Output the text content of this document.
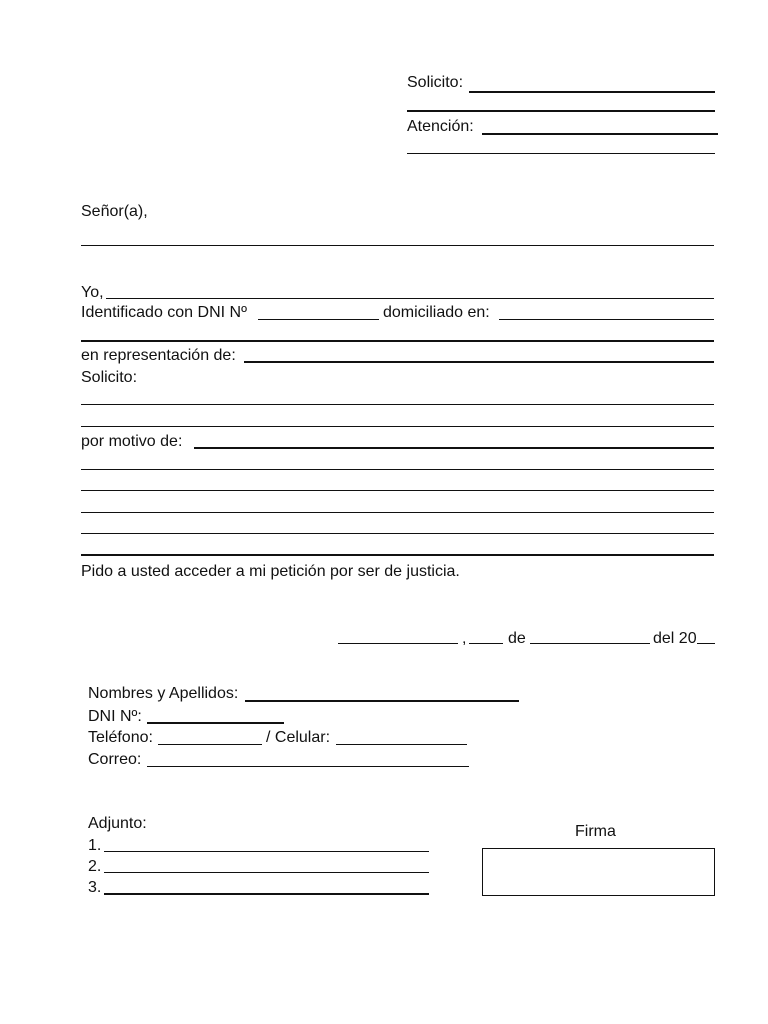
Solicito:
Atención:
Señor(a),
Yo,
Identificado con DNI Nº	domiciliado en:
en representación de:
Solicito:
por motivo de:
Pido a usted acceder a mi petición por ser de justicia.
,	de	del 20
Nombres y Apellidos:
DNI Nº:
Teléfono:	/ Celular:
Correo:
Adjunto:
1.
2.
3.
Firma
